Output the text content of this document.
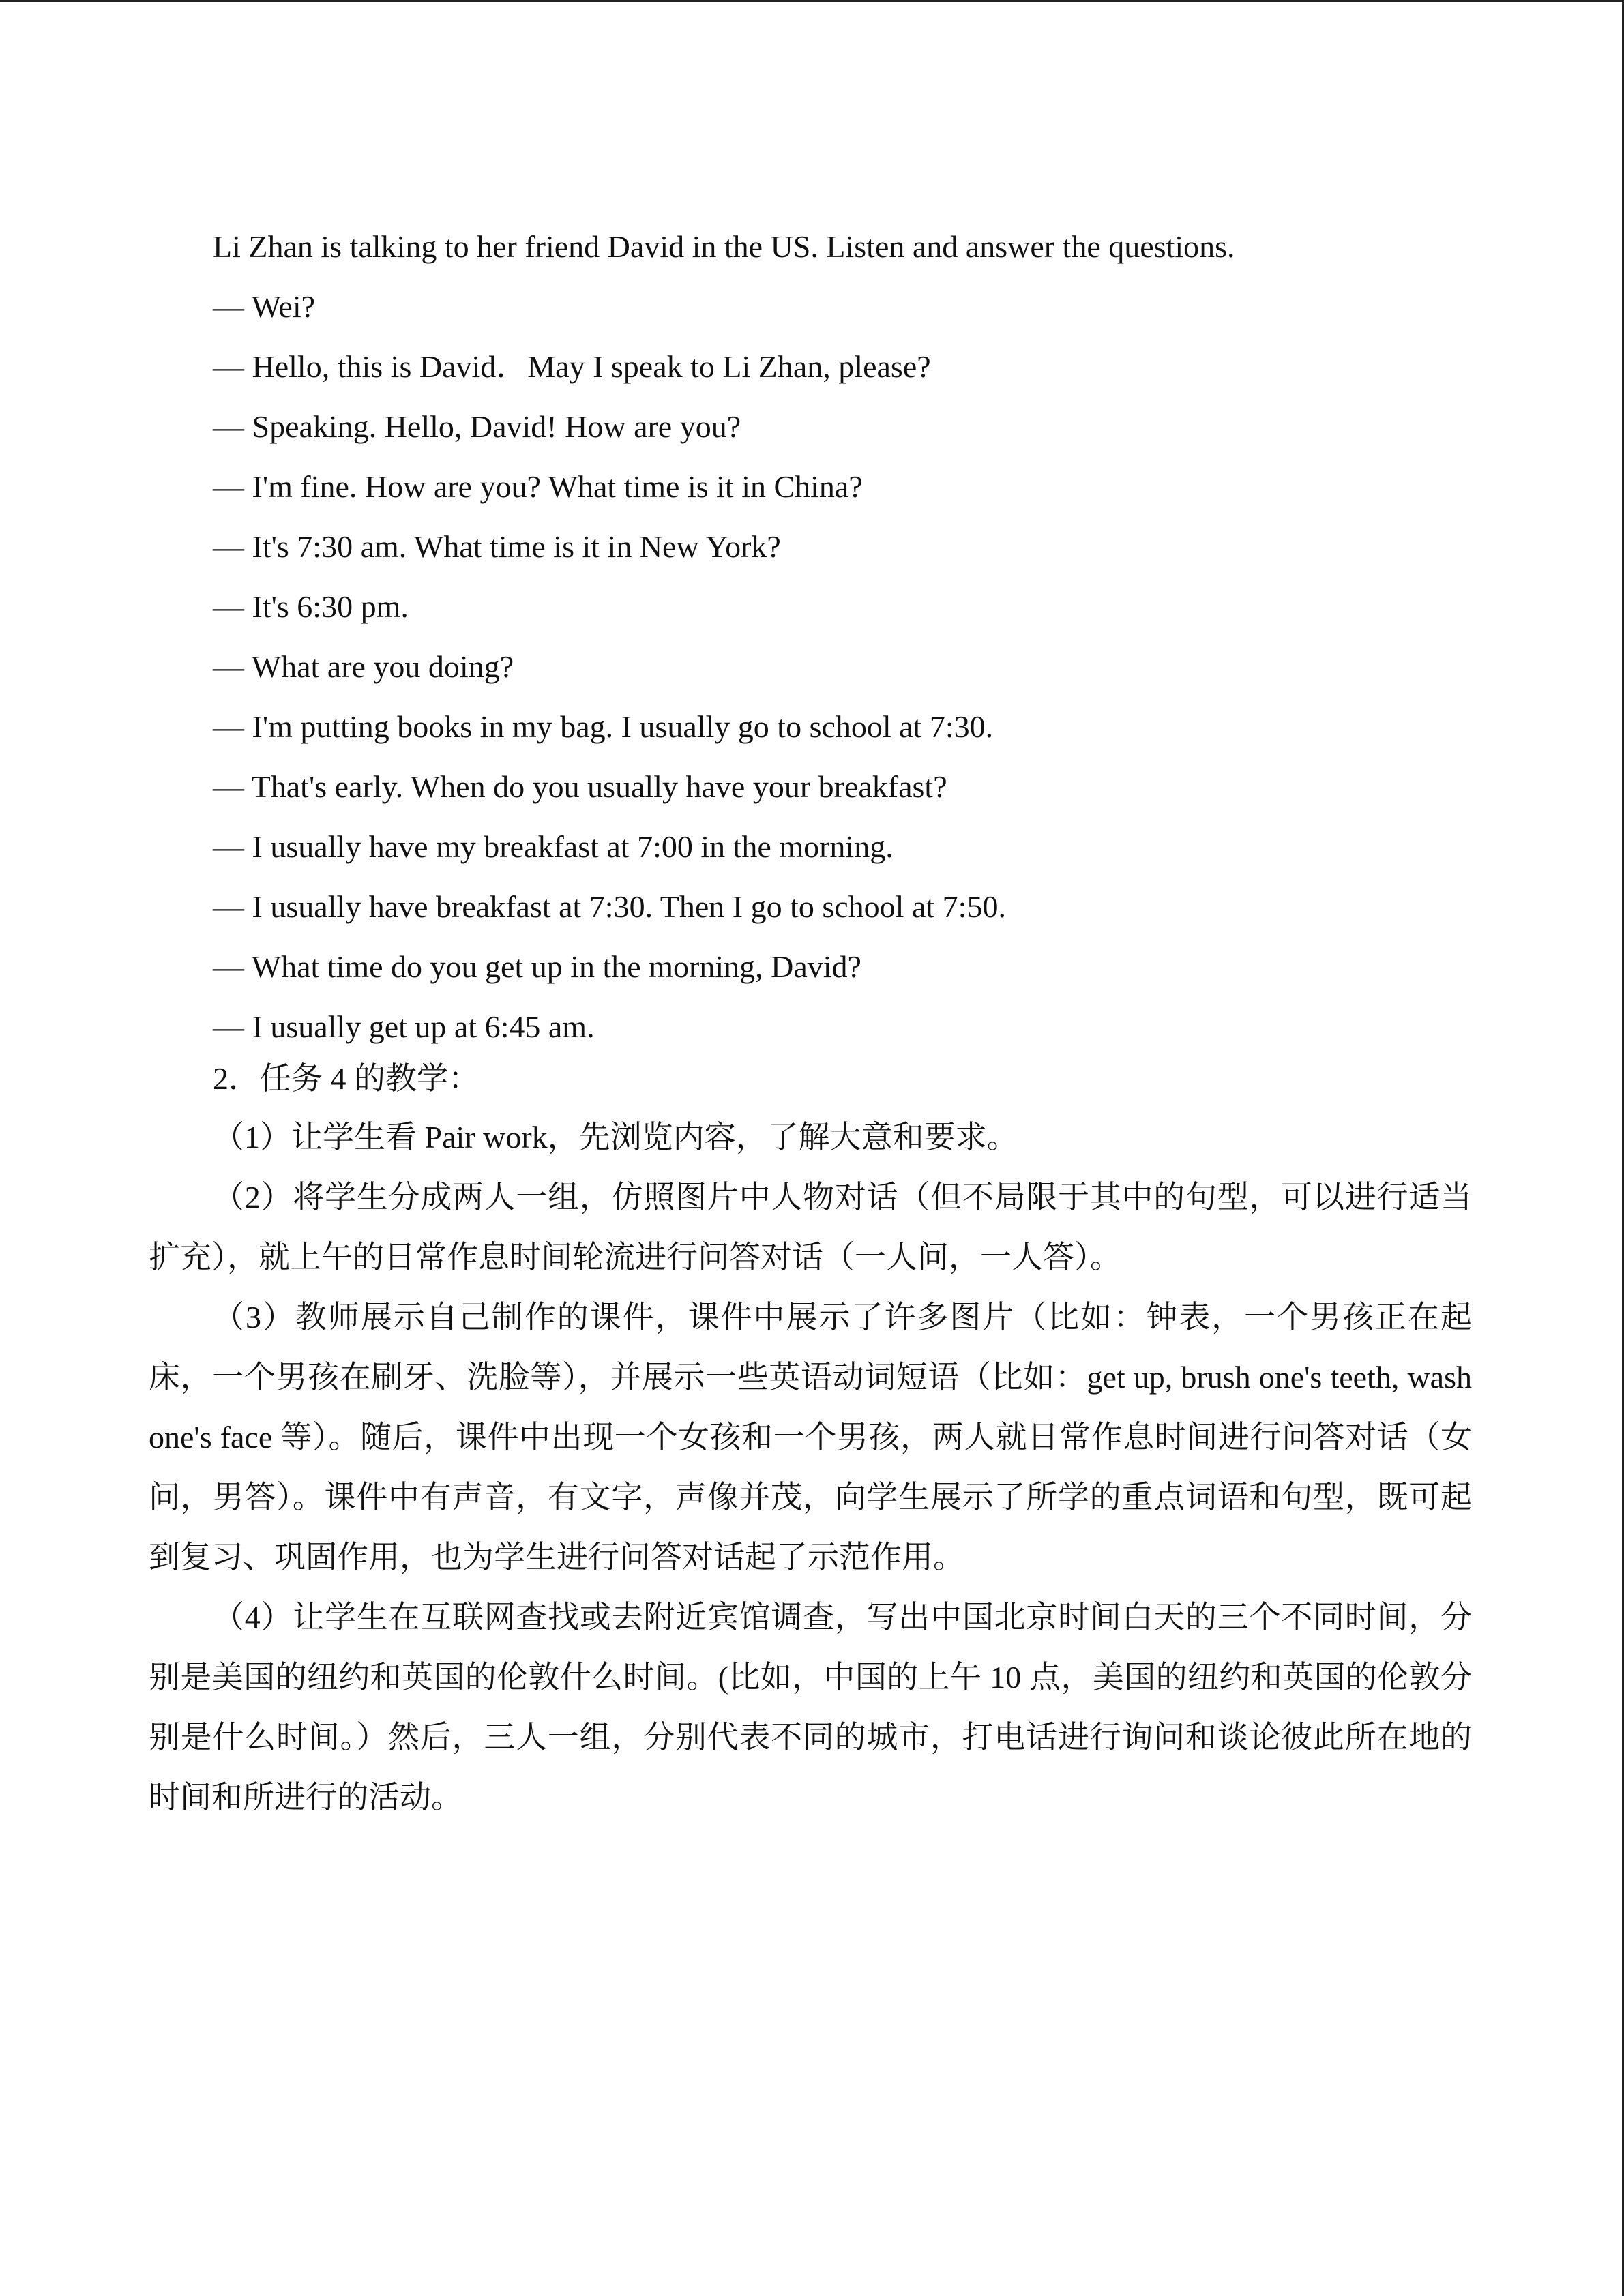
Li Zhan is talking to her friend David in the US. Listen and answer the questions.
— Wei?
— Hello, this is David．May I speak to Li Zhan, please?
— Speaking. Hello, David! How are you?
— I'm fine. How are you? What time is it in China?
— It's 7:30 am. What time is it in New York?
— It's 6:30 pm.
— What are you doing?
— I'm putting books in my bag. I usually go to school at 7:30.
— That's early. When do you usually have your breakfast?
— I usually have my breakfast at 7:00 in the morning.
— I usually have breakfast at 7:30. Then I go to school at 7:50.
— What time do you get up in the morning, David?
— I usually get up at 6:45 am.
2．任务 4 的教学：
（1）让学生看 Pair work，先浏览内容，了解大意和要求。
（2）将学生分成两人一组，仿照图片中人物对话（但不局限于其中的句型，可以进行适当扩充），就上午的日常作息时间轮流进行问答对话（一人问，一人答）。
（3）教师展示自己制作的课件，课件中展示了许多图片（比如：钟表，一个男孩正在起床，一个男孩在刷牙、洗脸等），并展示一些英语动词短语（比如：get up, brush one's teeth, wash one's face 等）。随后，课件中出现一个女孩和一个男孩，两人就日常作息时间进行问答对话（女问，男答）。课件中有声音，有文字，声像并茂，向学生展示了所学的重点词语和句型，既可起到复习、巩固作用，也为学生进行问答对话起了示范作用。
（4）让学生在互联网查找或去附近宾馆调查，写出中国北京时间白天的三个不同时间，分别是美国的纽约和英国的伦敦什么时间。(比如，中国的上午 10 点，美国的纽约和英国的伦敦分别是什么时间。）然后，三人一组，分别代表不同的城市，打电话进行询问和谈论彼此所在地的时间和所进行的活动。
